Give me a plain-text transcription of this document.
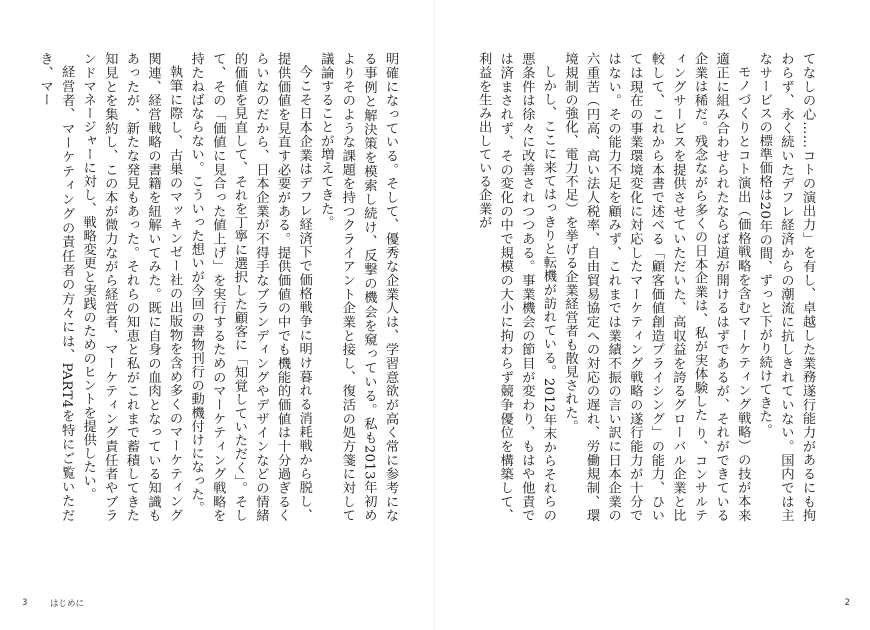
てなしの心……コトの演出力」を有し、卓越した業務遂行能力があるにも拘わらず、永く続いたデフレ経済からの潮流に抗しきれていない。国内では主なサービスの標準価格は20年の間、ずっと下がり続けてきた。

モノづくりとコト演出（価格戦略を含むマーケティング戦略）の技が本来適正に組み合わせられたならば道が開けるはずであるが、それができている企業は稀だ。残念ながら多くの日本企業は、私が実体験した り、コンサルティングサービスを提供させていただいた、高収益を誇るグローバル企業と比較して、これから本書で述べる「顧客価値創造プライシング」の能力、ひいては現在の事業環境変化に対応したマーケティング戦略の遂行能力が十分ではない。その能力不足を顧みず、これまでは業績不振の言い訳に日本企業の六重苦（円高、高い法人税率、自由貿易協定への対応の遅れ、労働規制、環境規制の強化、電力不足）を挙げる企業経営者も散見された。

しかし、ここに来てはっきりと転機が訪れている。2012年末からそれらの悪条件は徐々に改善されつつある。事業機会の節目が変わり、もはや他責では済まされず、その変化の中で規模の大小に拘わらず競争優位を構築して、利益を生み出している企業が

2

明確になっている。そして、優秀な企業人は、学習意欲が高く常に参考になる事例と解決策を模索し続け、反撃の機会を窺っている。私も2013年初めよりそのような課題を持つクライアント企業と接し、復活の処方箋に対して議論することが増えてきた。

今こそ日本企業はデフレ経済下で価格戦争に明け暮れる消耗戦から脱し、提供価値を見直す必要がある。提供価値の中でも機能的価値は十分過ぎるくらいなのだから、日本企業が不得手なブランディングやデザインなどの情緒的価値を見直して、それを丁寧に選択した顧客に「知覚していただく」。そして、その「価値に見合った値上げ」を実行するためのマーケティング戦略を持たねばならない。こういった想いが今回の書物刊行の動機付けになった。

執筆に際し、古巣のマッキンゼー社の出版物を含め多くのマーケティング関連、経営戦略の書籍を紐解いてみた。既に自身の血肉となっている知識もあったが、新たな発見もあった。それらの知恵と私がこれまで蓄積してきた知見とを集約し、この本が微力ながら経営者、マーケティング責任者やブランドマネージャーに対し、戦略変更と実践のためのヒントを提供したい。

経営者、マーケティングの責任者の方々には、PART4を特にご覧いただき、マー

3	はじめに
